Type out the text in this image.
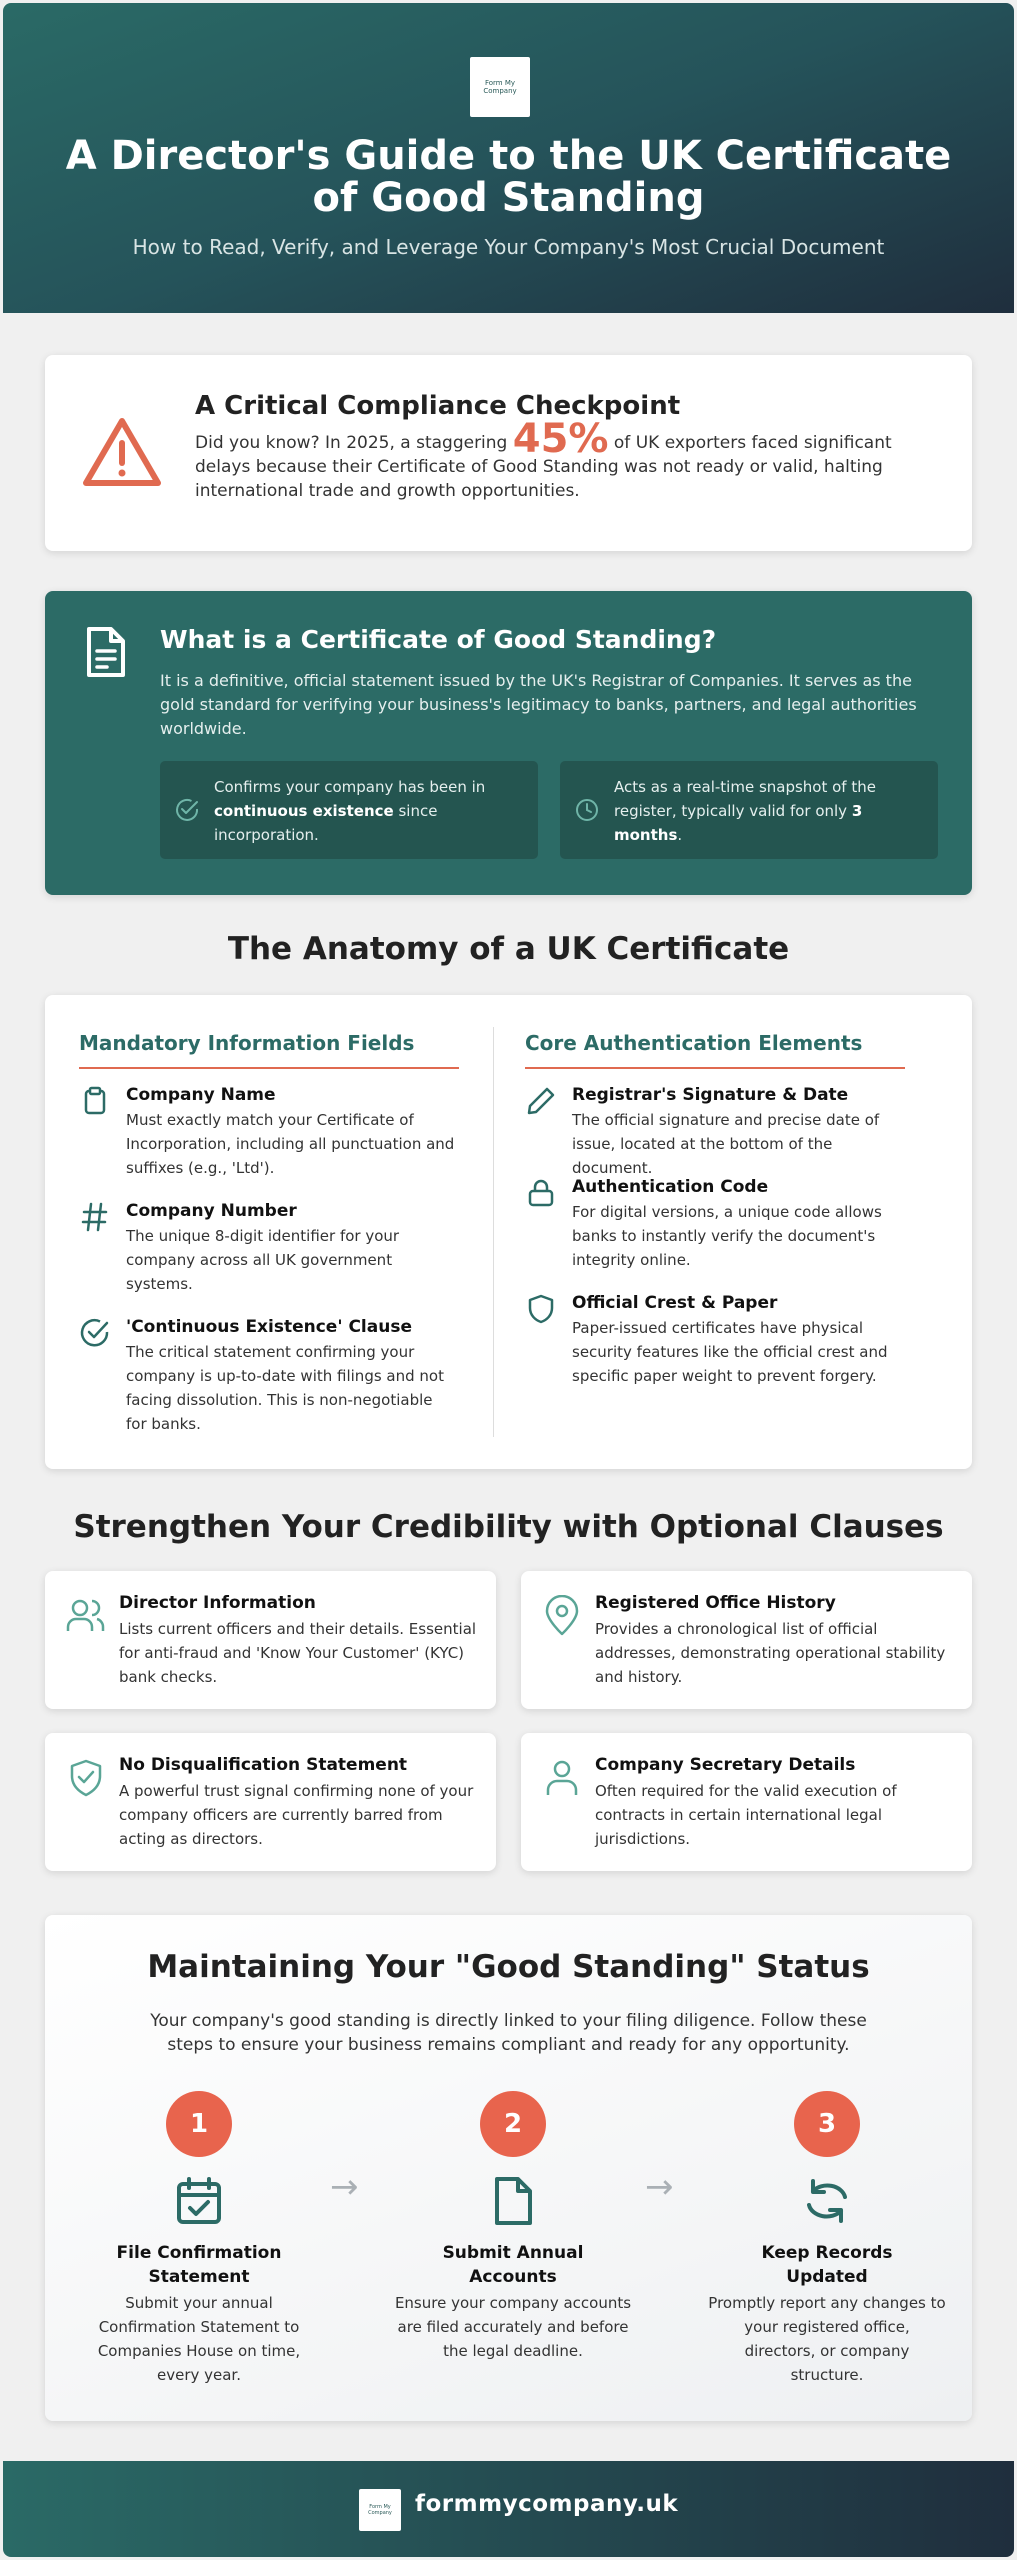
Form My Company
A Director's Guide to the UK Certificate of Good Standing

How to Read, Verify, and Leverage Your Company's Most Crucial Document

A Critical Compliance Checkpoint
Did you know? In 2025, a staggering 45% of UK exporters faced significant delays because their Certificate of Good Standing was not ready or valid, halting international trade and growth opportunities.
What is a Certificate of Good Standing?

It is a definitive, official statement issued by the UK's Registrar of Companies. It serves as the gold standard for verifying your business's legitimacy to banks, partners, and legal authorities worldwide.

Confirms your company has been in continuous existence since incorporation.
Acts as a real-time snapshot of the register, typically valid for only 3 months.
The Anatomy of a UK Certificate
Mandatory Information Fields	Core Authentication Elements
Company Name

Must exactly match your Certificate of Incorporation, including all punctuation and suffixes (e.g., 'Ltd').

Company Number

The unique 8-digit identifier for your company across all UK government systems.

'Continuous Existence' Clause

The critical statement confirming your company is up-to-date with filings and not facing dissolution. This is non-negotiable for banks.

Registrar's Signature & Date

The official signature and precise date of issue, located at the bottom of the document.

Authentication Code

For digital versions, a unique code allows banks to instantly verify the document's integrity online.

Official Crest & Paper

Paper-issued certificates have physical security features like the official crest and specific paper weight to prevent forgery.

Strengthen Your Credibility with Optional Clauses
Director Information

Lists current officers and their details. Essential for anti-fraud and 'Know Your Customer' (KYC) bank checks.

Registered Office History

Provides a chronological list of official addresses, demonstrating operational stability and history.

No Disqualification Statement

A powerful trust signal confirming none of your company officers are currently barred from acting as directors.

Company Secretary Details

Often required for the valid execution of contracts in certain international legal jurisdictions.

Maintaining Your "Good Standing" Status

Your company's good standing is directly linked to your filing diligence. Follow these steps to ensure your business remains compliant and ready for any opportunity.

1
File Confirmation Statement

Submit your annual Confirmation Statement to Companies House on time, every year.

→
2
Submit Annual Accounts

Ensure your company accounts are filed accurately and before the legal deadline.

→
3
Keep Records Updated

Promptly report any changes to your registered office, directors, or company structure.

Form My Company	formmycompany.uk
